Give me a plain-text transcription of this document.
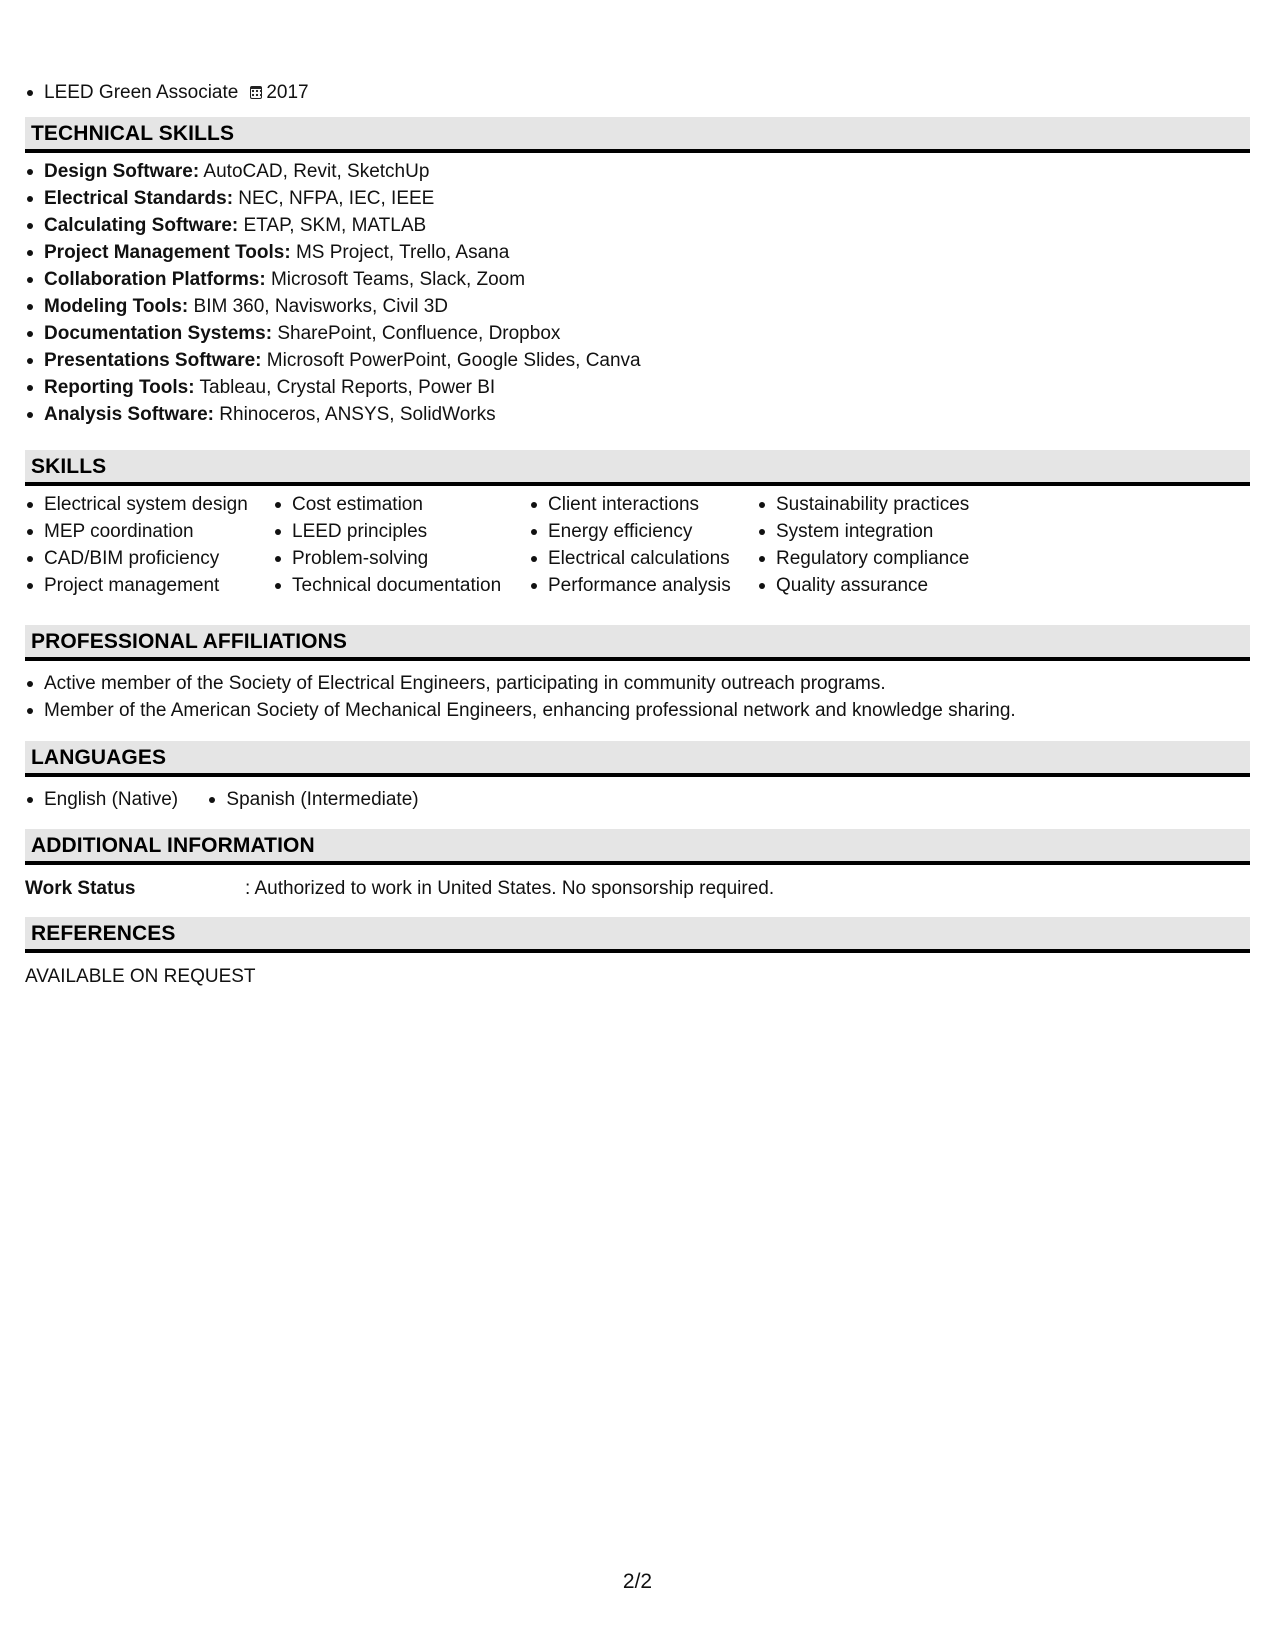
LEED Green Associate 2017
TECHNICAL SKILLS
Design Software: AutoCAD, Revit, SketchUp
Electrical Standards: NEC, NFPA, IEC, IEEE
Calculating Software: ETAP, SKM, MATLAB
Project Management Tools: MS Project, Trello, Asana
Collaboration Platforms: Microsoft Teams, Slack, Zoom
Modeling Tools: BIM 360, Navisworks, Civil 3D
Documentation Systems: SharePoint, Confluence, Dropbox
Presentations Software: Microsoft PowerPoint, Google Slides, Canva
Reporting Tools: Tableau, Crystal Reports, Power BI
Analysis Software: Rhinoceros, ANSYS, SolidWorks
SKILLS
Electrical system design
MEP coordination
CAD/BIM proficiency
Project management
Cost estimation
LEED principles
Problem-solving
Technical documentation
Client interactions
Energy efficiency
Electrical calculations
Performance analysis
Sustainability practices
System integration
Regulatory compliance
Quality assurance
PROFESSIONAL AFFILIATIONS
Active member of the Society of Electrical Engineers, participating in community outreach programs.
Member of the American Society of Mechanical Engineers, enhancing professional network and knowledge sharing.
LANGUAGES
English (Native)	Spanish (Intermediate)
ADDITIONAL INFORMATION
Work Status	: Authorized to work in United States. No sponsorship required.
REFERENCES
AVAILABLE ON REQUEST
2/2
